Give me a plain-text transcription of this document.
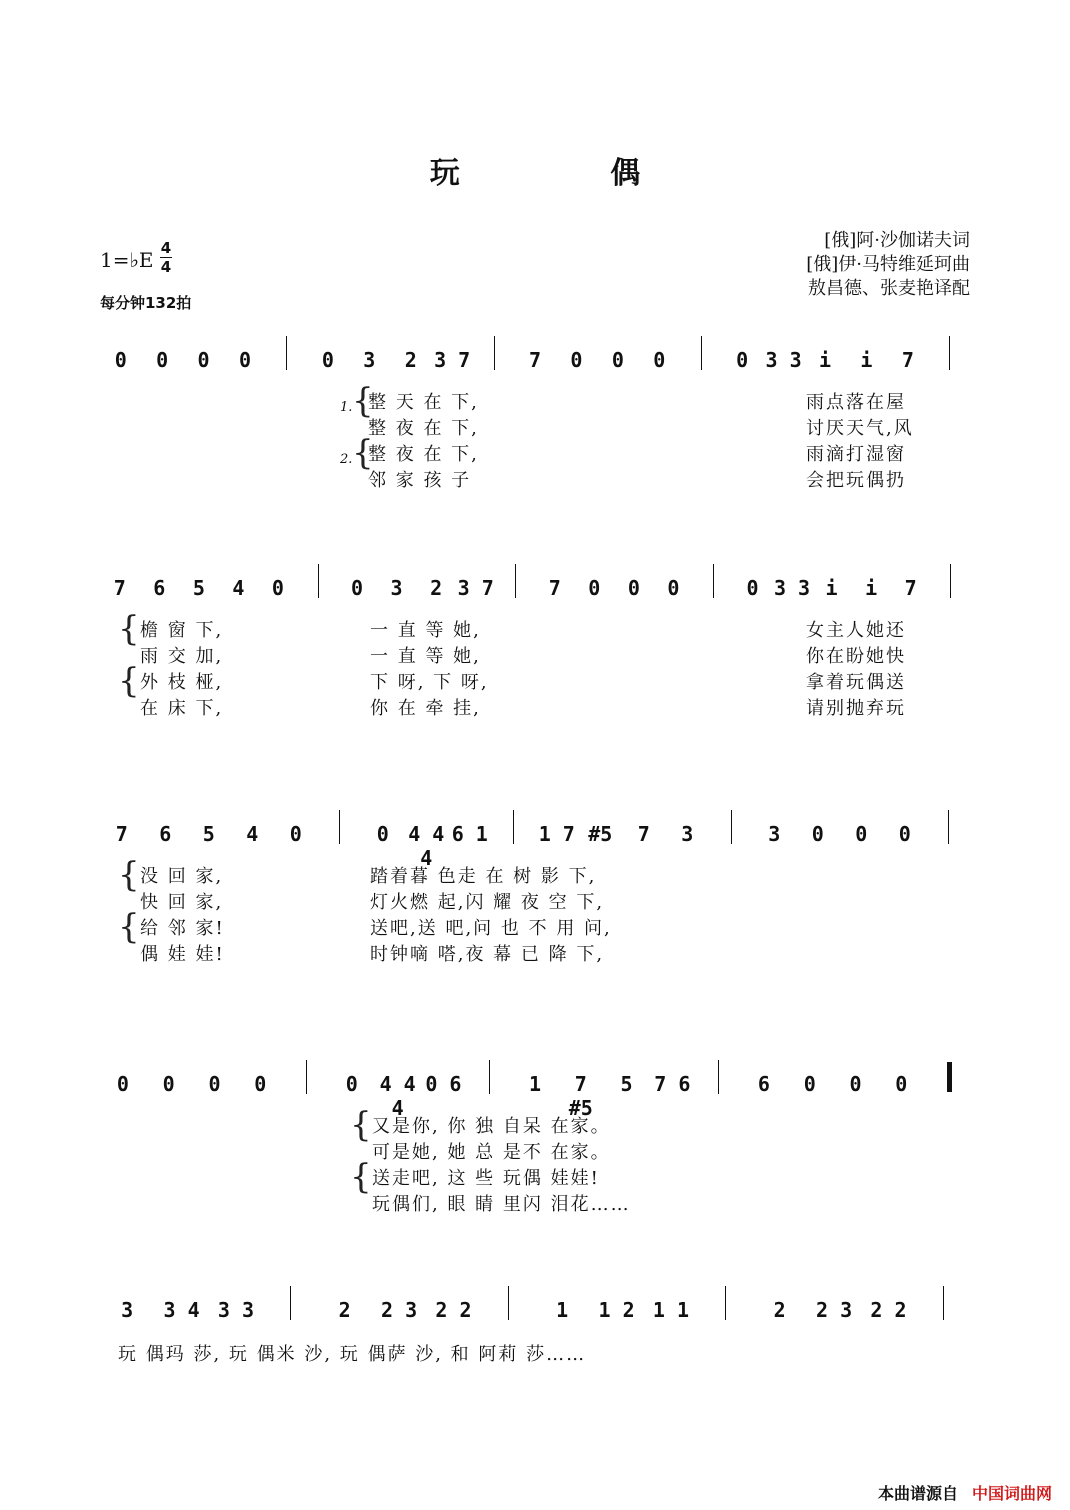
玩 偶
[俄]阿·沙伽诺夫词
[俄]伊·马特维延珂曲
敖昌德、张麦艳译配
1=♭E 4
4
每分钟132拍
0	0	0	0	0	3	2 3 7	7	0	0	0	0 3 3 i	i	7
{
1. 整 天 在 下,	雨点落在屋
整 夜 在 下,	讨厌天气,风
{
2. 整 夜 在 下,	雨滴打湿窗
邻 家 孩 子	会把玩偶扔
7	6	5	4	0	0	3	2 3 7	7	0	0	0	0 3 3 i	i	7
{ 檐 窗 下,	一 直 等 她,	女主人她还
雨 交 加,	一 直 等 她,	你在盼她快
{ 外 枝 桠,	下 呀, 下 呀,	拿着玩偶送
在 床 下,	你 在 牵 挂,	请别抛弃玩
7	6	5	4	0	0 4 4 4
6 1	1 7 #5	7	3	3	0	0	0
{ 没 回 家,	踏着暮 色走 在 树 影 下,
快 回 家,	灯火燃 起,闪 耀 夜 空 下,
{ 给 邻 家!	送吧,送 吧,问 也 不 用 问,
偶 娃 娃!	时钟嘀 嗒,夜 幕 已 降 下,
0	0	0	0	0	4 4 4
0 6	1	7 #5
5	7 6	6	0	0	0
{ 又是你, 你 独 自呆 在家。
可是她, 她 总 是不 在家。
{ 送走吧, 这 些 玩偶 娃娃!
玩偶们, 眼 睛 里闪 泪花……
3	3 4 3 3	2	2 3 2 2	1	1 2 1 1	2	2 3 2 2
玩 偶玛 莎, 玩 偶米 沙, 玩 偶萨 沙, 和 阿莉 莎……
本曲谱源自 中国词曲网
